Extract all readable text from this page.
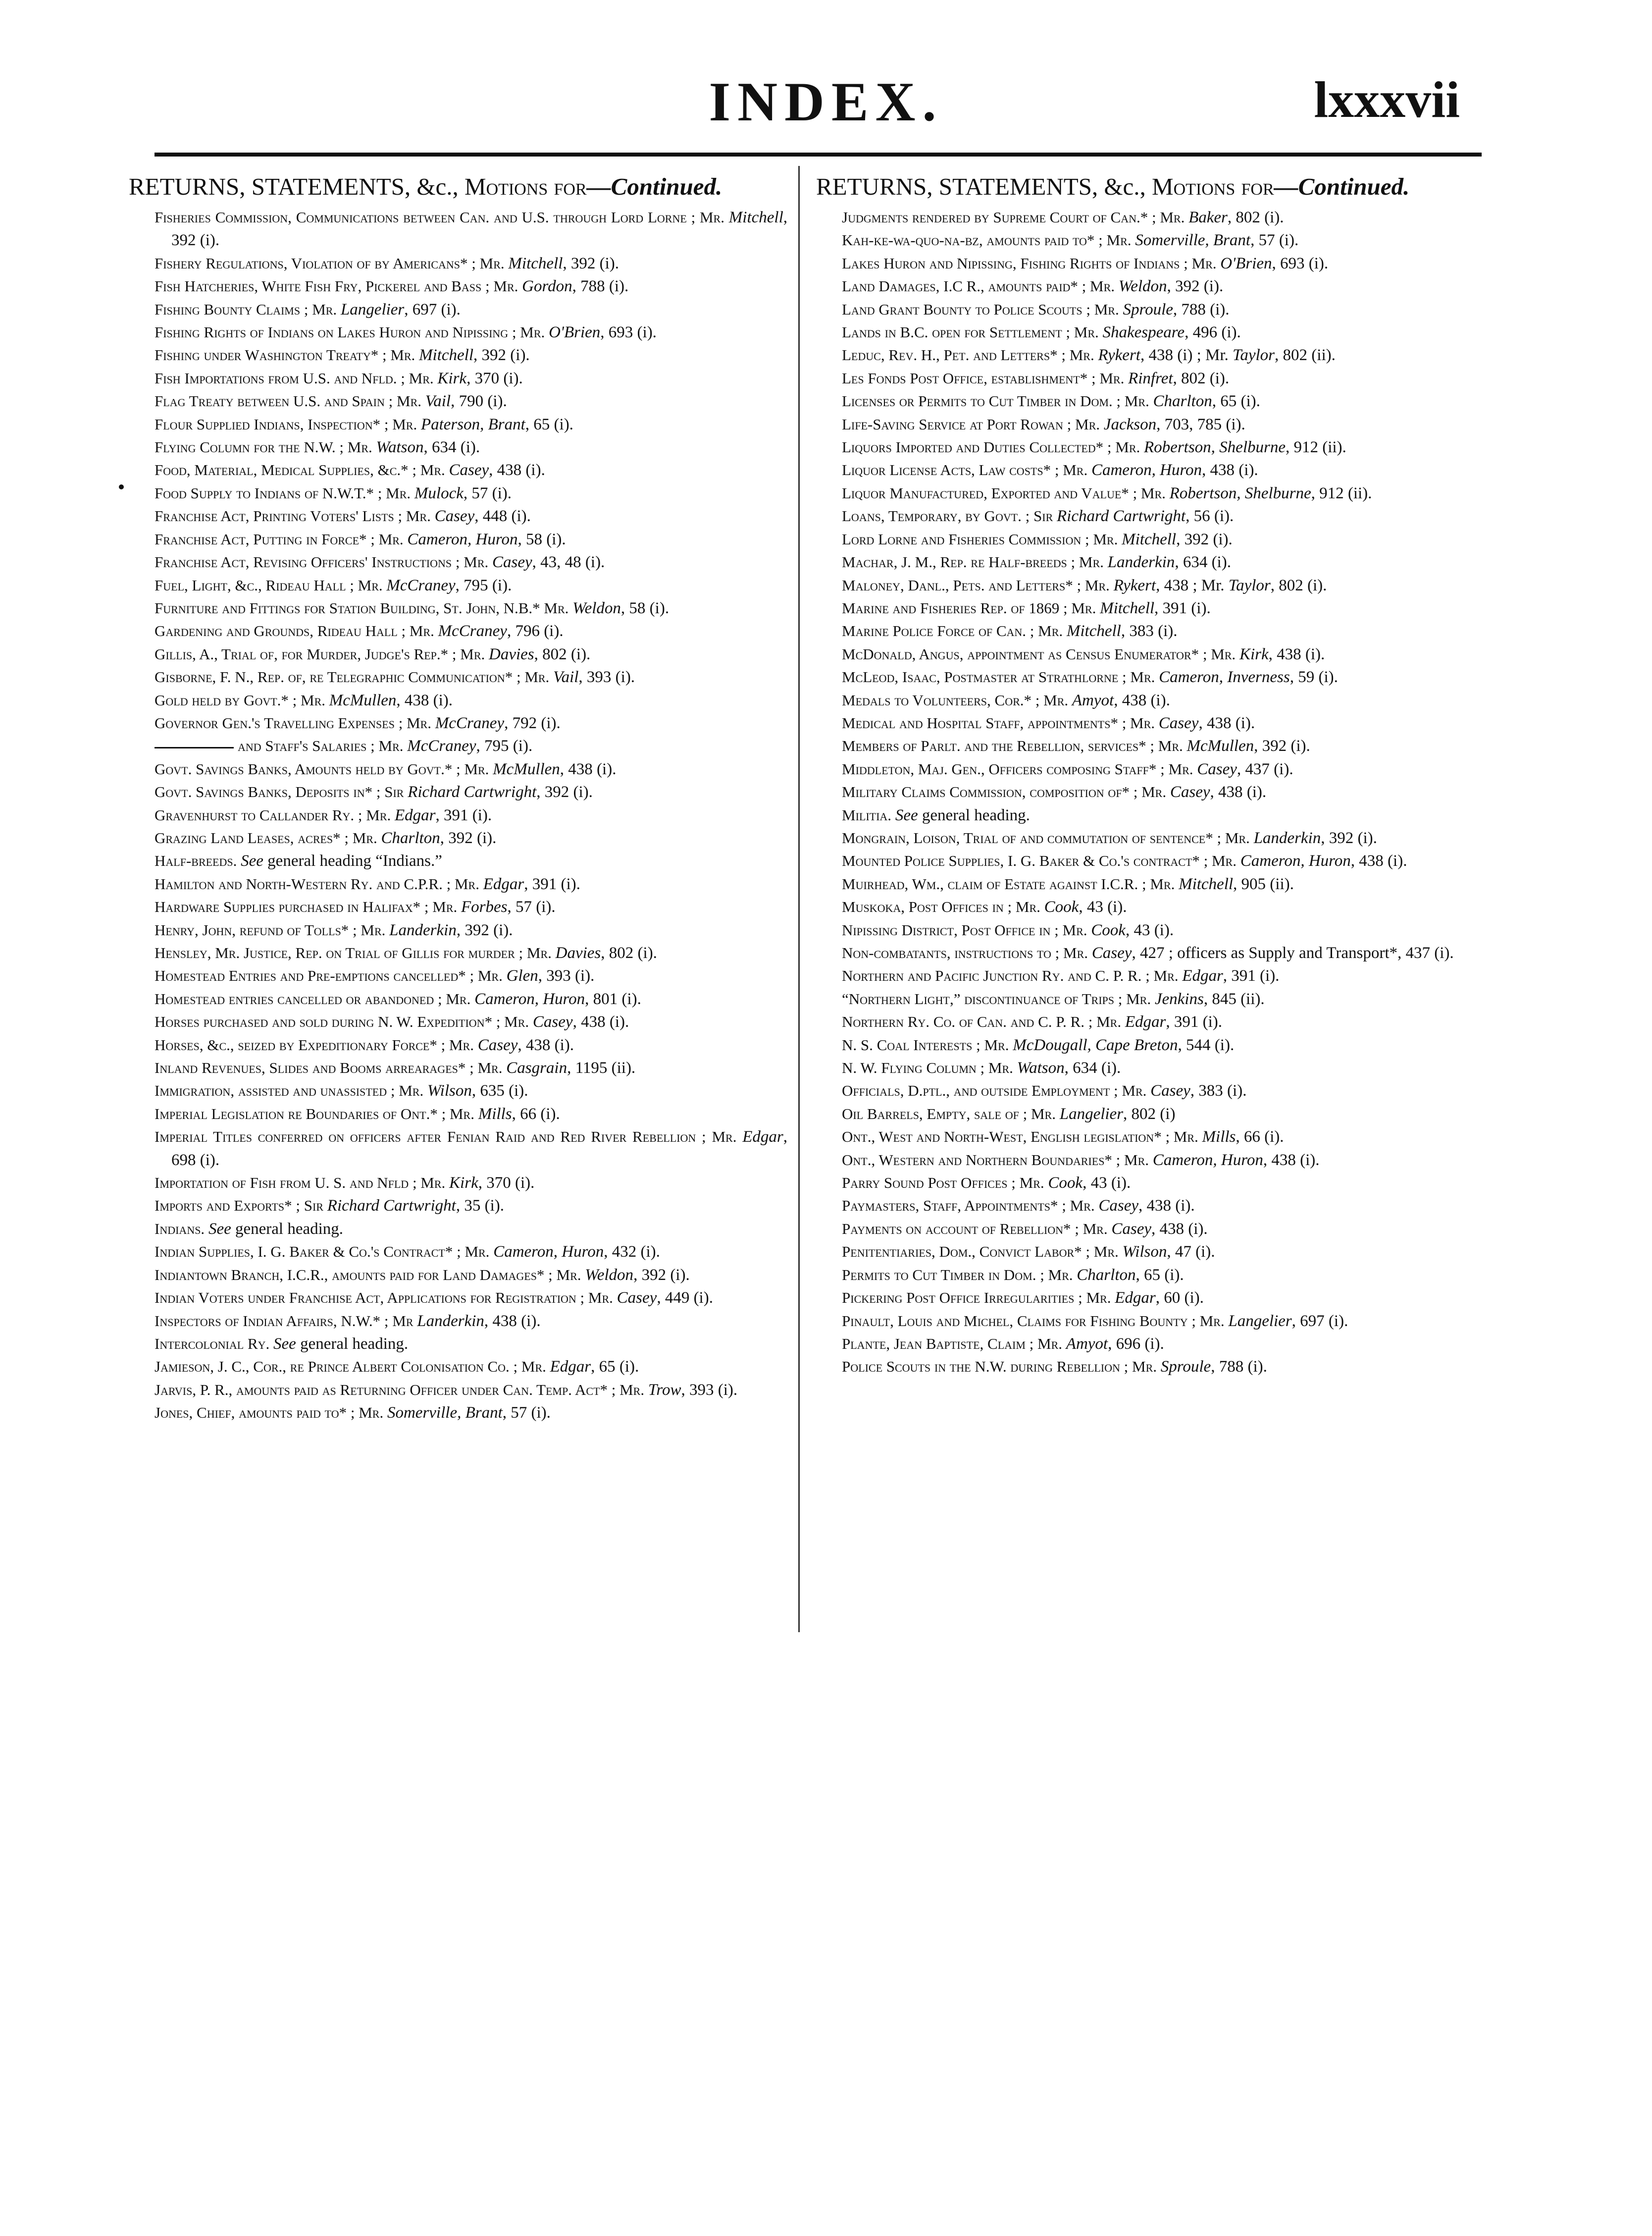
INDEX.	lxxxvii
RETURNS, STATEMENTS, &c., Motions for—Continued.
Fisheries Commission, Communications between Can. and U.S. through Lord Lorne ; Mr. Mitchell, 392 (i).
Fishery Regulations, Violation of by Americans* ; Mr. Mitchell, 392 (i).
Fish Hatcheries, White Fish Fry, Pickerel and Bass ; Mr. Gordon, 788 (i).
Fishing Bounty Claims ; Mr. Langelier, 697 (i).
Fishing Rights of Indians on Lakes Huron and Nipissing ; Mr. O'Brien, 693 (i).
Fishing under Washington Treaty* ; Mr. Mitchell, 392 (i).
Fish Importations from U.S. and Nfld. ; Mr. Kirk, 370 (i).
Flag Treaty between U.S. and Spain ; Mr. Vail, 790 (i).
Flour Supplied Indians, Inspection* ; Mr. Paterson, Brant, 65 (i).
Flying Column for the N.W. ; Mr. Watson, 634 (i).
Food, Material, Medical Supplies, &c.* ; Mr. Casey, 438 (i).
Food Supply to Indians of N.W.T.* ; Mr. Mulock, 57 (i).
Franchise Act, Printing Voters' Lists ; Mr. Casey, 448 (i).
Franchise Act, Putting in Force* ; Mr. Cameron, Huron, 58 (i).
Franchise Act, Revising Officers' Instructions ; Mr. Casey, 43, 48 (i).
Fuel, Light, &c., Rideau Hall ; Mr. McCraney, 795 (i).
Furniture and Fittings for Station Building, St. John, N.B.* Mr. Weldon, 58 (i).
Gardening and Grounds, Rideau Hall ; Mr. McCraney, 796 (i).
Gillis, A., Trial of, for Murder, Judge's Rep.* ; Mr. Davies, 802 (i).
Gisborne, F. N., Rep. of, re Telegraphic Communication* ; Mr. Vail, 393 (i).
Gold held by Govt.* ; Mr. McMullen, 438 (i).
Governor Gen.'s Travelling Expenses ; Mr. McCraney, 792 (i).
and Staff's Salaries ; Mr. McCraney, 795 (i).
Govt. Savings Banks, Amounts held by Govt.* ; Mr. McMullen, 438 (i).
Govt. Savings Banks, Deposits in* ; Sir Richard Cartwright, 392 (i).
Gravenhurst to Callander Ry. ; Mr. Edgar, 391 (i).
Grazing Land Leases, acres* ; Mr. Charlton, 392 (i).
Half-breeds. See general heading “Indians.”
Hamilton and North-Western Ry. and C.P.R. ; Mr. Edgar, 391 (i).
Hardware Supplies purchased in Halifax* ; Mr. Forbes, 57 (i).
Henry, John, refund of Tolls* ; Mr. Landerkin, 392 (i).
Hensley, Mr. Justice, Rep. on Trial of Gillis for murder ; Mr. Davies, 802 (i).
Homestead Entries and Pre-emptions cancelled* ; Mr. Glen, 393 (i).
Homestead entries cancelled or abandoned ; Mr. Cameron, Huron, 801 (i).
Horses purchased and sold during N. W. Expedition* ; Mr. Casey, 438 (i).
Horses, &c., seized by Expeditionary Force* ; Mr. Casey, 438 (i).
Inland Revenues, Slides and Booms arrearages* ; Mr. Casgrain, 1195 (ii).
Immigration, assisted and unassisted ; Mr. Wilson, 635 (i).
Imperial Legislation re Boundaries of Ont.* ; Mr. Mills, 66 (i).
Imperial Titles conferred on officers after Fenian Raid and Red River Rebellion ; Mr. Edgar, 698 (i).
Importation of Fish from U. S. and Nfld ; Mr. Kirk, 370 (i).
Imports and Exports* ; Sir Richard Cartwright, 35 (i).
Indians. See general heading.
Indian Supplies, I. G. Baker & Co.'s Contract* ; Mr. Cameron, Huron, 432 (i).
Indiantown Branch, I.C.R., amounts paid for Land Damages* ; Mr. Weldon, 392 (i).
Indian Voters under Franchise Act, Applications for Registration ; Mr. Casey, 449 (i).
Inspectors of Indian Affairs, N.W.* ; Mr Landerkin, 438 (i).
Intercolonial Ry. See general heading.
Jamieson, J. C., Cor., re Prince Albert Colonisation Co. ; Mr. Edgar, 65 (i).
Jarvis, P. R., amounts paid as Returning Officer under Can. Temp. Act* ; Mr. Trow, 393 (i).
Jones, Chief, amounts paid to* ; Mr. Somerville, Brant, 57 (i).
RETURNS, STATEMENTS, &c., Motions for—Continued.
Judgments rendered by Supreme Court of Can.* ; Mr. Baker, 802 (i).
Kah-ke-wa-quo-na-bz, amounts paid to* ; Mr. Somerville, Brant, 57 (i).
Lakes Huron and Nipissing, Fishing Rights of Indians ; Mr. O'Brien, 693 (i).
Land Damages, I.C R., amounts paid* ; Mr. Weldon, 392 (i).
Land Grant Bounty to Police Scouts ; Mr. Sproule, 788 (i).
Lands in B.C. open for Settlement ; Mr. Shakespeare, 496 (i).
Leduc, Rev. H., Pet. and Letters* ; Mr. Rykert, 438 (i) ; Mr. Taylor, 802 (ii).
Les Fonds Post Office, establishment* ; Mr. Rinfret, 802 (i).
Licenses or Permits to Cut Timber in Dom. ; Mr. Charlton, 65 (i).
Life-Saving Service at Port Rowan ; Mr. Jackson, 703, 785 (i).
Liquors Imported and Duties Collected* ; Mr. Robertson, Shelburne, 912 (ii).
Liquor License Acts, Law costs* ; Mr. Cameron, Huron, 438 (i).
Liquor Manufactured, Exported and Value* ; Mr. Robertson, Shelburne, 912 (ii).
Loans, Temporary, by Govt. ; Sir Richard Cartwright, 56 (i).
Lord Lorne and Fisheries Commission ; Mr. Mitchell, 392 (i).
Machar, J. M., Rep. re Half-breeds ; Mr. Landerkin, 634 (i).
Maloney, Danl., Pets. and Letters* ; Mr. Rykert, 438 ; Mr. Taylor, 802 (i).
Marine and Fisheries Rep. of 1869 ; Mr. Mitchell, 391 (i).
Marine Police Force of Can. ; Mr. Mitchell, 383 (i).
McDonald, Angus, appointment as Census Enumerator* ; Mr. Kirk, 438 (i).
McLeod, Isaac, Postmaster at Strathlorne ; Mr. Cameron, Inverness, 59 (i).
Medals to Volunteers, Cor.* ; Mr. Amyot, 438 (i).
Medical and Hospital Staff, appointments* ; Mr. Casey, 438 (i).
Members of Parlt. and the Rebellion, services* ; Mr. McMullen, 392 (i).
Middleton, Maj. Gen., Officers composing Staff* ; Mr. Casey, 437 (i).
Military Claims Commission, composition of* ; Mr. Casey, 438 (i).
Militia. See general heading.
Mongrain, Loison, Trial of and commutation of sentence* ; Mr. Landerkin, 392 (i).
Mounted Police Supplies, I. G. Baker & Co.'s contract* ; Mr. Cameron, Huron, 438 (i).
Muirhead, Wm., claim of Estate against I.C.R. ; Mr. Mitchell, 905 (ii).
Muskoka, Post Offices in ; Mr. Cook, 43 (i).
Nipissing District, Post Office in ; Mr. Cook, 43 (i).
Non-combatants, instructions to ; Mr. Casey, 427 ; officers as Supply and Transport*, 437 (i).
Northern and Pacific Junction Ry. and C. P. R. ; Mr. Edgar, 391 (i).
“Northern Light,” discontinuance of Trips ; Mr. Jenkins, 845 (ii).
Northern Ry. Co. of Can. and C. P. R. ; Mr. Edgar, 391 (i).
N. S. Coal Interests ; Mr. McDougall, Cape Breton, 544 (i).
N. W. Flying Column ; Mr. Watson, 634 (i).
Officials, D.ptl., and outside Employment ; Mr. Casey, 383 (i).
Oil Barrels, Empty, sale of ; Mr. Langelier, 802 (i)
Ont., West and North-West, English legislation* ; Mr. Mills, 66 (i).
Ont., Western and Northern Boundaries* ; Mr. Cameron, Huron, 438 (i).
Parry Sound Post Offices ; Mr. Cook, 43 (i).
Paymasters, Staff, Appointments* ; Mr. Casey, 438 (i).
Payments on account of Rebellion* ; Mr. Casey, 438 (i).
Penitentiaries, Dom., Convict Labor* ; Mr. Wilson, 47 (i).
Permits to Cut Timber in Dom. ; Mr. Charlton, 65 (i).
Pickering Post Office Irregularities ; Mr. Edgar, 60 (i).
Pinault, Louis and Michel, Claims for Fishing Bounty ; Mr. Langelier, 697 (i).
Plante, Jean Baptiste, Claim ; Mr. Amyot, 696 (i).
Police Scouts in the N.W. during Rebellion ; Mr. Sproule, 788 (i).
